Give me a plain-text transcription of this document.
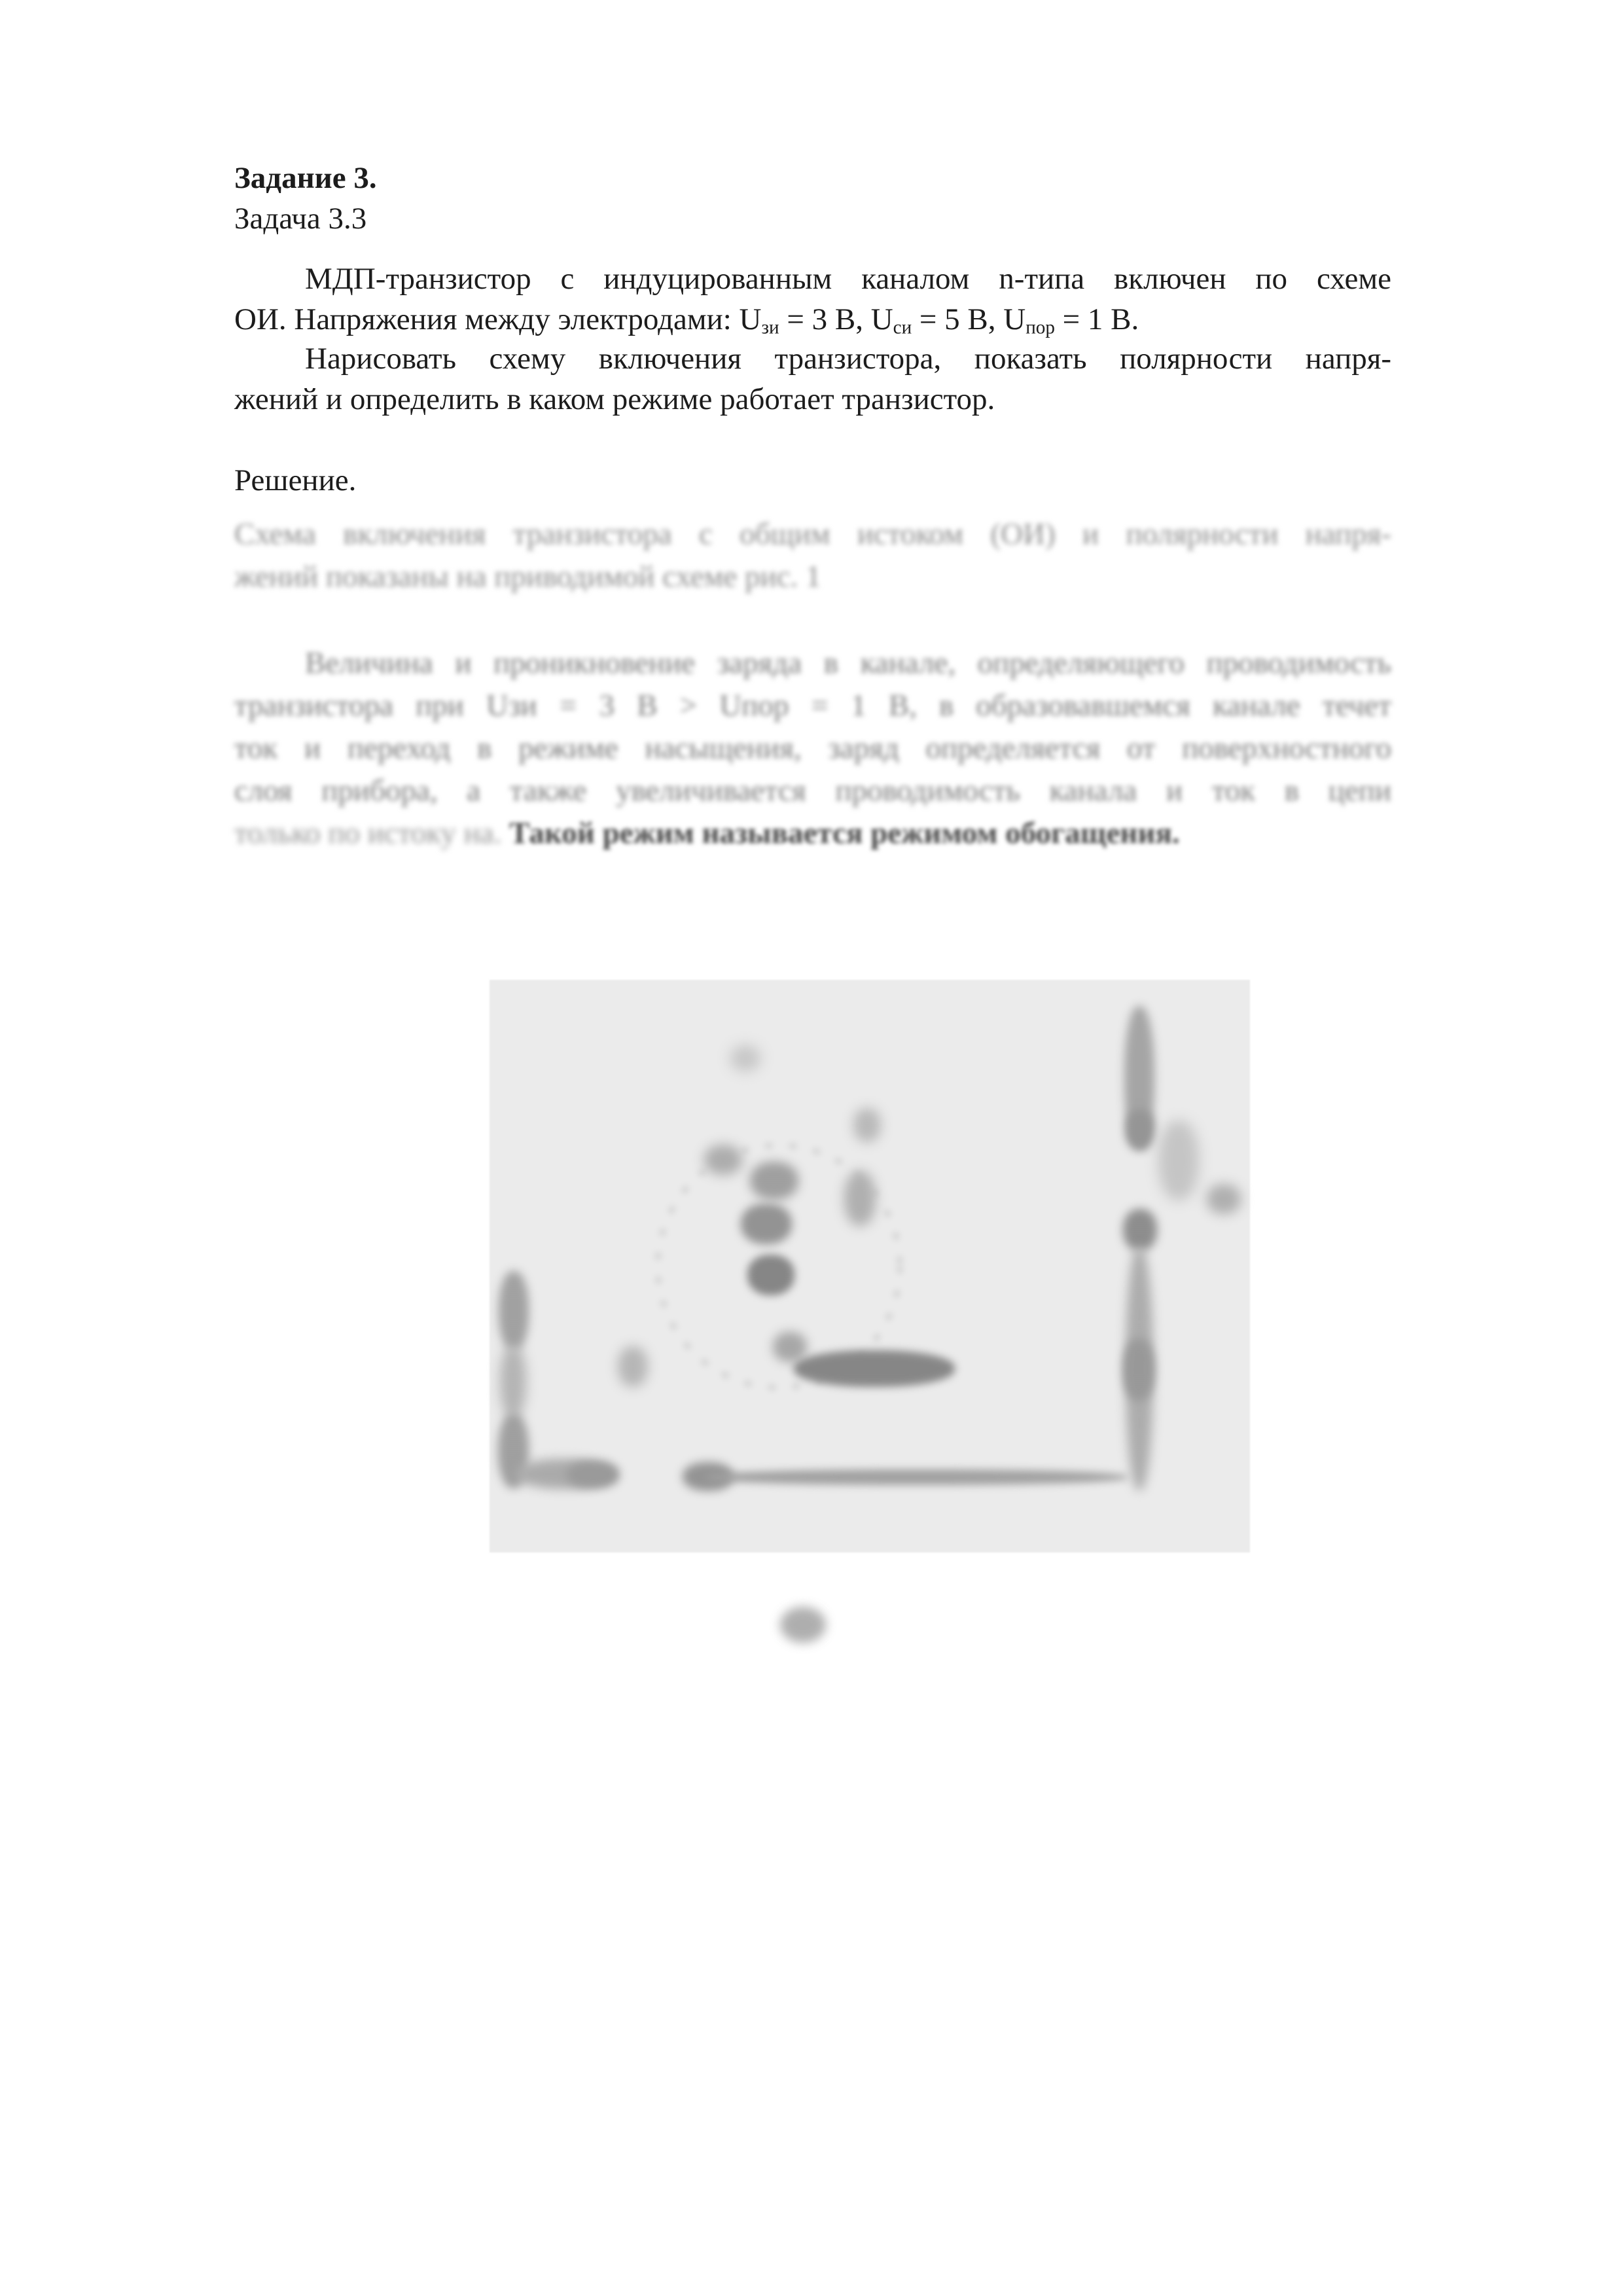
Задание 3.
Задача 3.3
МДП-транзистор с индуцированным каналом n-типа включен по схеме
ОИ. Напряжения между электродами: $U_{зи} = 3$ В, $U_{си} = 5$ В, $U_{пор} = 1$ В.
Нарисовать схему включения транзистора, показать полярности напря-
жений и определить в каком режиме работает транзистор.
Решение.
Схема включения транзистора с общим истоком (ОИ) и полярности напря-
жений показаны на приводимой схеме рис. 1
Величина и проникновение заряда в канале, определяющего проводимость
транзистора при Uзи = 3 В > Uпор = 1 В, в образовавшемся канале течет
ток и переход в режиме насыщения, заряд определяется от поверхностного
слоя прибора, а также увеличивается проводимость канала и ток в цепи
только по истоку на. Такой режим называется режимом обогащения.
